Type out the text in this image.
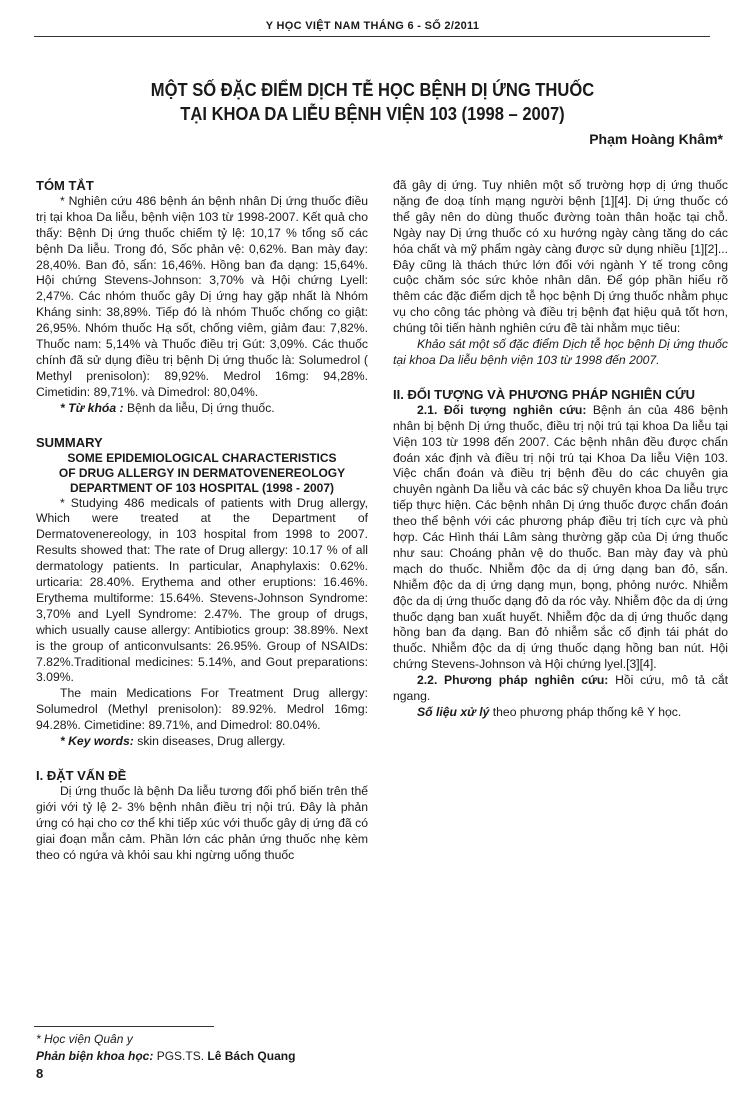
Y HỌC VIỆT NAM THÁNG 6 - SỐ 2/2011
MỘT SỐ ĐẶC ĐIỂM DỊCH TỄ HỌC BỆNH DỊ ỨNG THUỐC
TẠI KHOA DA LIỄU BỆNH VIỆN 103 (1998 – 2007)
Phạm Hoàng Khâm*

TÓM TẮT

* Nghiên cứu 486 bệnh án bệnh nhân Dị ứng thuốc điều trị tại khoa Da liễu, bệnh viện 103 từ 1998-2007. Kết quả cho thấy: Bệnh Dị ứng thuốc chiếm tỷ lệ: 10,17 % tổng số các bệnh Da liễu. Trong đó, Sốc phản vệ: 0,62%. Ban mày đay: 28,40%. Ban đỏ, sẩn: 16,46%. Hồng ban đa dạng: 15,64%. Hội chứng Stevens-Johnson: 3,70% và Hội chứng Lyell: 2,47%. Các nhóm thuốc gây Dị ứng hay gặp nhất là Nhóm Kháng sinh: 38,89%. Tiếp đó là nhóm Thuốc chống co giật: 26,95%. Nhóm thuốc Hạ sốt, chống viêm, giảm đau: 7,82%. Thuốc nam: 5,14% và Thuốc điều trị Gút: 3,09%. Các thuốc chính đã sử dụng điều trị bệnh Dị ứng thuốc là: Solumedrol ( Methyl prenisolon): 89,92%. Medrol 16mg: 94,28%. Cimetidin: 89,71%. và Dimedrol: 80,04%.

* Từ khóa : Bệnh da liễu, Dị ứng thuốc.

SUMMARY

SOME EPIDEMIOLOGICAL CHARACTERISTICS

OF DRUG ALLERGY IN DERMATOVENEREOLOGY

DEPARTMENT OF 103 HOSPITAL (1998 - 2007)

* Studying 486 medicals of patients with Drug allergy, Which were treated at the Department of Dermatovenereology, in 103 hospital from 1998 to 2007. Results showed that: The rate of Drug allergy: 10.17 % of all dermatology patients. In particular, Anaphylaxis: 0.62%. urticaria: 28.40%. Erythema and other eruptions: 16.46%. Erythema multiforme: 15.64%. Stevens-Johnson Syndrome: 3,70% and Lyell Syndrome: 2.47%. The group of drugs, which usually cause allergy: Antibiotics group: 38.89%. Next is the group of anticonvulsants: 26.95%. Group of NSAIDs: 7.82%.Traditional medicines: 5.14%, and Gout preparations: 3.09%.

The main Medications For Treatment Drug allergy: Solumedrol (Methyl prenisolon): 89.92%. Medrol 16mg: 94.28%. Cimetidine: 89.71%, and Dimedrol: 80.04%.

* Key words: skin diseases, Drug allergy.

I. ĐẶT VẤN ĐỀ

Dị ứng thuốc là bệnh Da liễu tương đối phổ biến trên thế giới với tỷ lệ 2- 3% bệnh nhân điều trị nội trú. Đây là phản ứng có hại cho cơ thể khi tiếp xúc với thuốc gây dị ứng đã có giai đoạn mẫn cảm. Phần lớn các phản ứng thuốc nhẹ kèm theo có ngứa và khỏi sau khi ngừng uống thuốc

đã gây dị ứng. Tuy nhiên một số trường hợp dị ứng thuốc nặng đe doạ tính mạng người bệnh [1][4]. Dị ứng thuốc có thể gây nên do dùng thuốc đường toàn thân hoặc tại chỗ. Ngày nay Dị ứng thuốc có xu hướng ngày càng tăng do các hóa chất và mỹ phẩm ngày càng được sử dụng nhiều [1][2]... Đây cũng là thách thức lớn đối với ngành Y tế trong công cuộc chăm sóc sức khỏe nhân dân. Để góp phần hiểu rõ thêm các đặc điểm dịch tễ học bệnh Dị ứng thuốc nhằm phục vụ cho công tác phòng và điều trị bệnh đạt hiệu quả tốt hơn, chúng tôi tiến hành nghiên cứu đề tài nhằm mục tiêu:

Khảo sát một số đặc điểm Dịch tễ học bệnh Dị ứng thuốc tại khoa Da liễu bệnh viện 103 từ 1998 đến 2007.

II. ĐỐI TƯỢNG VÀ PHƯƠNG PHÁP NGHIÊN CỨU

2.1. Đối tượng nghiên cứu: Bệnh án của 486 bệnh nhân bị bệnh Dị ứng thuốc, điều trị nội trú tại khoa Da liễu tại Viện 103 từ 1998 đến 2007. Các bệnh nhân đều được chẩn đoán xác định và điều trị nội trú tại Khoa Da liễu Viện 103. Việc chẩn đoán và điều trị bệnh đều do các chuyên gia chuyên ngành Da liễu và các bác sỹ chuyên khoa Da liễu trực tiếp thực hiện. Các bệnh nhân Dị ứng thuốc được chẩn đoán theo thể bệnh với các phương pháp điều trị tích cực và phù hợp. Các Hình thái Lâm sàng thường gặp của Dị ứng thuốc như sau: Choáng phản vệ do thuốc. Ban mày đay và phù mạch do thuốc. Nhiễm độc da dị ứng dạng ban đỏ, sẩn. Nhiễm độc da dị ứng dạng mụn, bọng, phỏng nước. Nhiễm độc da dị ứng thuốc dạng đỏ da róc vảy. Nhiễm độc da dị ứng thuốc dạng ban xuất huyết. Nhiễm độc da dị ứng thuốc dạng hồng ban đa dạng. Ban đỏ nhiễm sắc cố định tái phát do thuốc. Nhiễm độc da dị ứng thuốc dạng hồng ban nút. Hội chứng Stevens-Johnson và Hội chứng lyel.[3][4].

2.2. Phương pháp nghiên cứu: Hồi cứu, mô tả cắt ngang.

Số liệu xử lý theo phương pháp thống kê Y học.

* Học viện Quân y
Phản biện khoa học: PGS.TS. Lê Bách Quang
8
